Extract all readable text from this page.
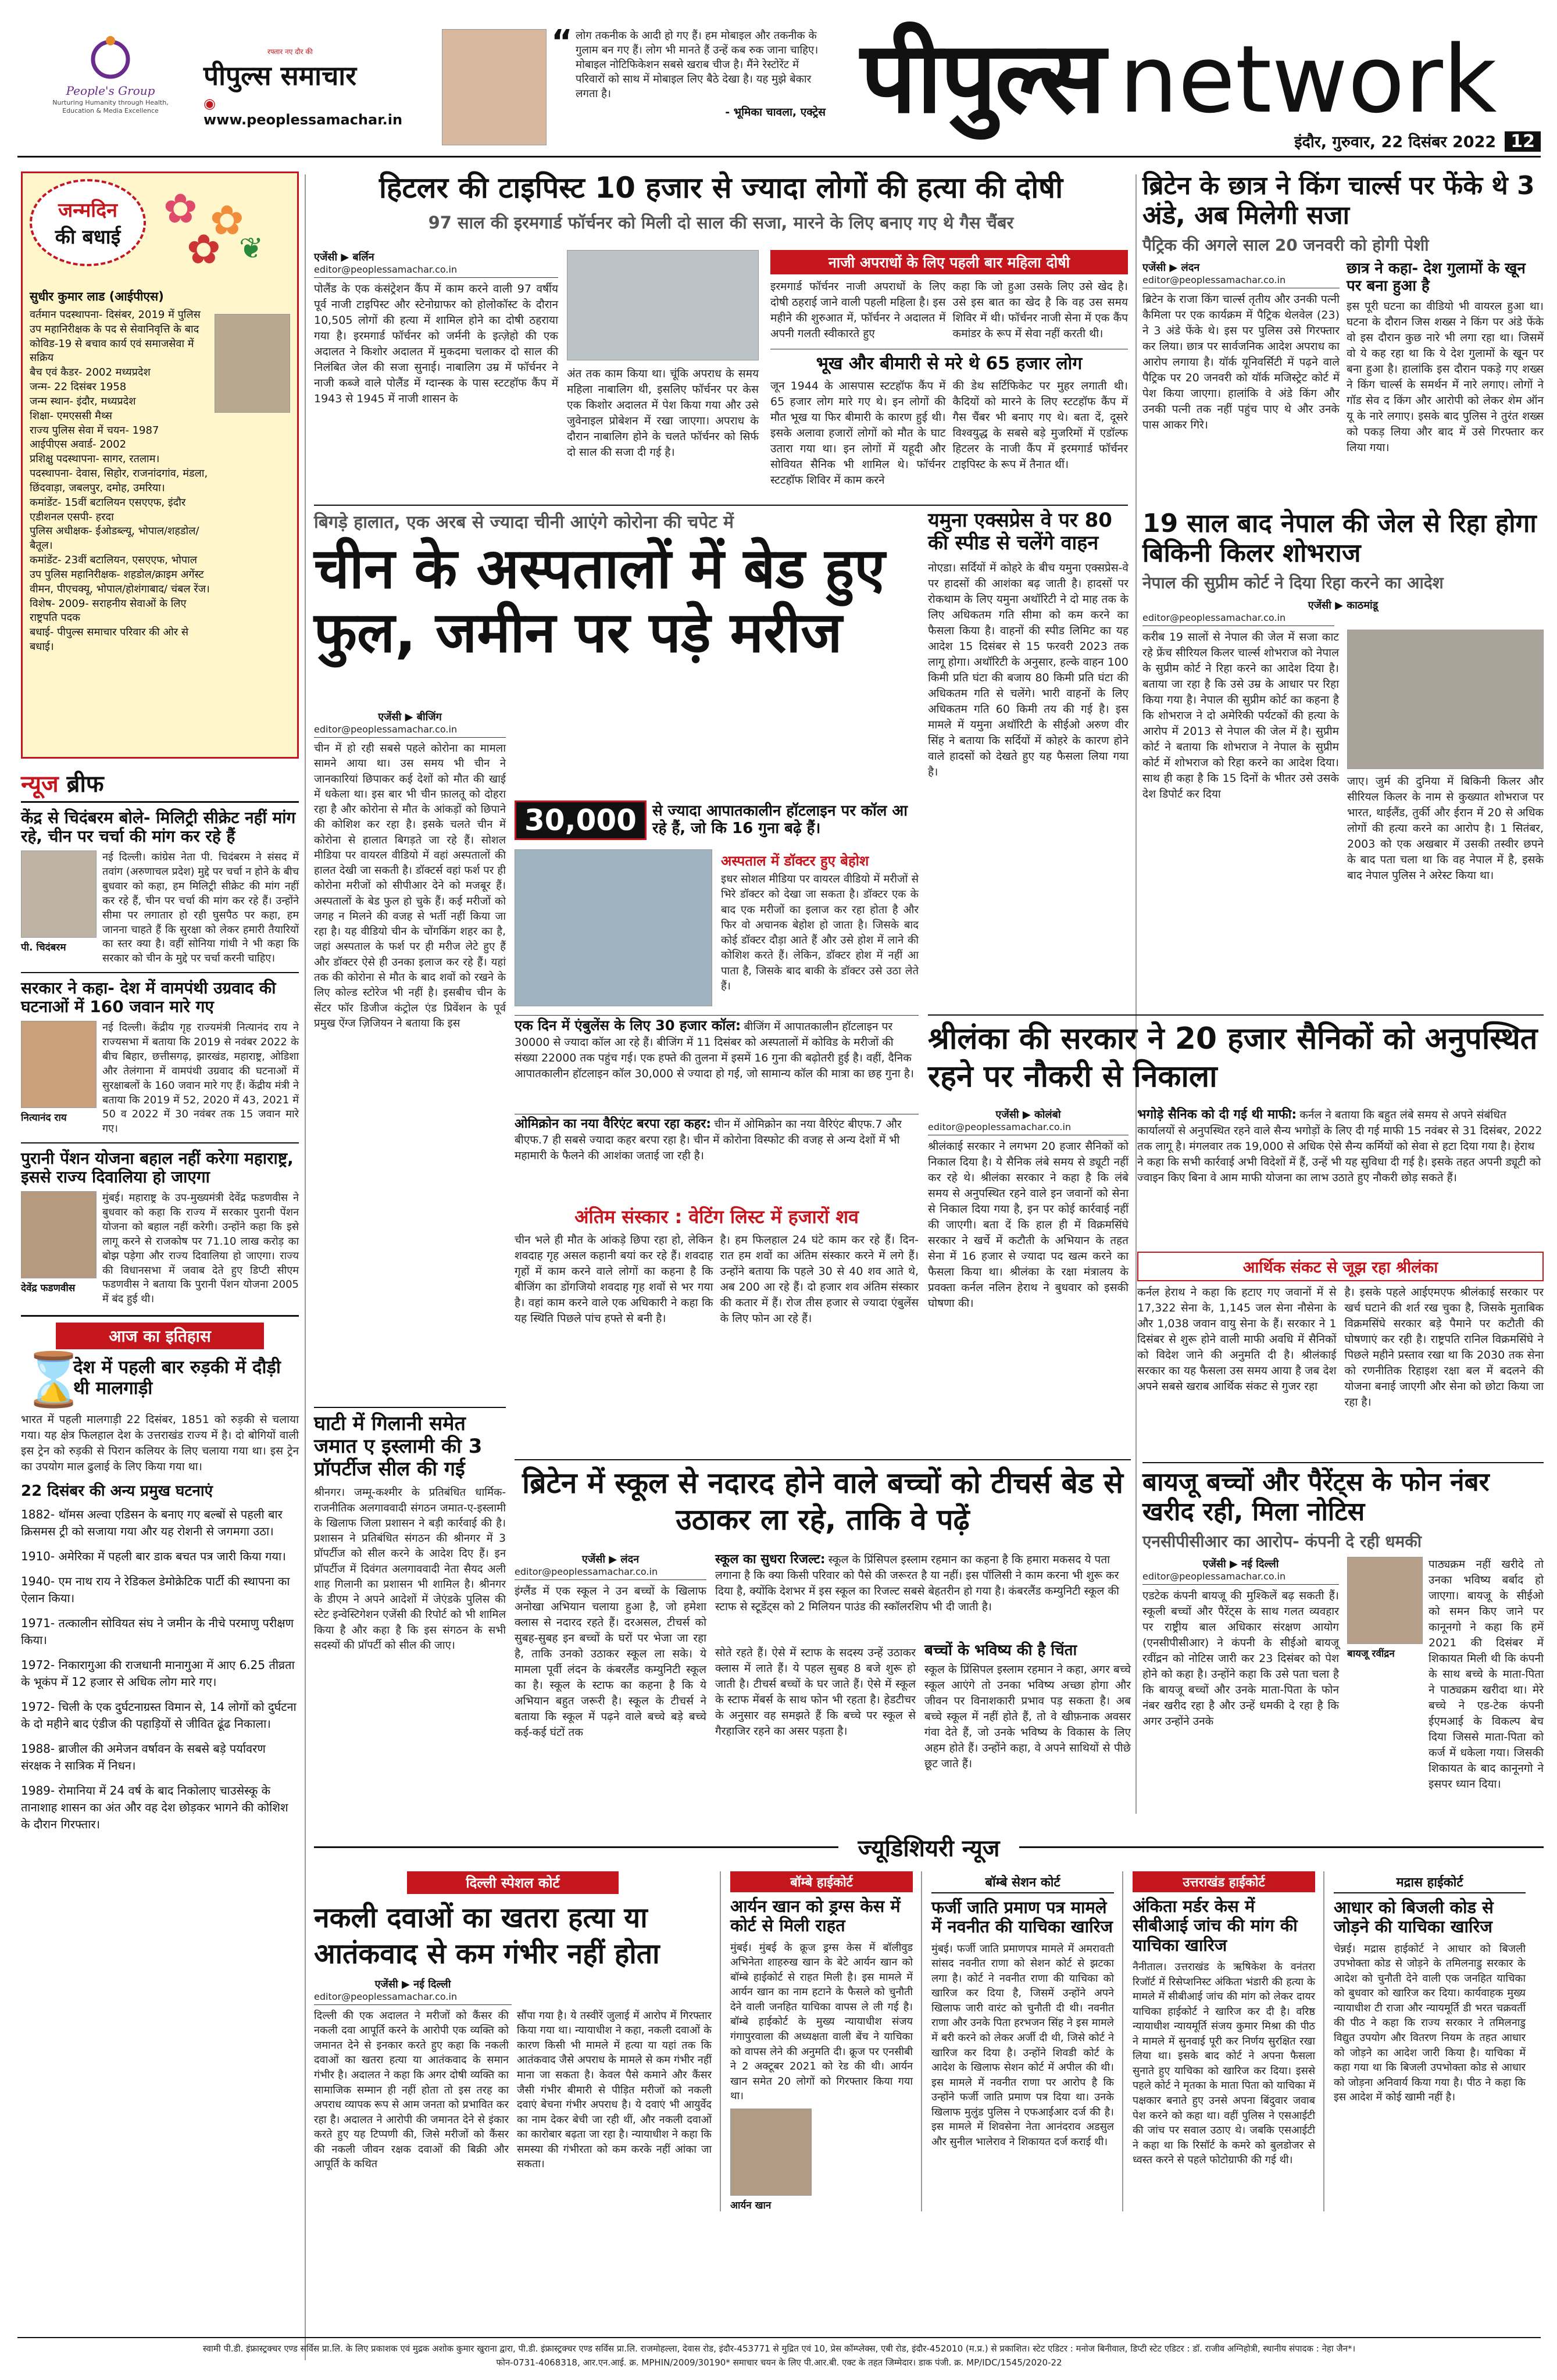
People's Group
Nurturing Humanity through Health, Education & Media Excellence
पीपुल्स समाचार
रफ्तार नए दौर की
◉ www.peoplessamachar.in
“ लोग तकनीक के आदी हो गए हैं। हम मोबाइल और तकनीक के गुलाम बन गए हैं। लोग भी मानते हैं उन्हें कब रुक जाना चाहिए। मोबाइल नोटिफिकेशन सबसे खराब चीज है। मैंने रेस्टोरेंट में परिवारों को साथ में मोबाइल लिए बैठे देखा है। यह मुझे बेकार लगता है।
- भूमिका चावला, एक्ट्रेस पीपुल्स network
इंदौर, गुरुवार, 22 दिसंबर 2022 12
जन्मदिन
की बधाई
✿ ✿
✿ ❦
सुधीर कुमार लाड (आईपीएस)
वर्तमान पदस्थापना- दिसंबर, 2019 में पुलिस उप महानिरीक्षक के पद से सेवानिवृत्ति के बाद कोविड-19 से बचाव कार्य एवं समाजसेवा में सक्रिय
बैच एवं कैडर- 2002 मध्यप्रदेश
जन्म- 22 दिसंबर 1958
जन्म स्थान- इंदौर, मध्यप्रदेश
शिक्षा- एमएससी मैथ्स
राज्य पुलिस सेवा में चयन- 1987
आईपीएस अवार्ड- 2002
प्रशिक्षु पदस्थापना- सागर, रतलाम।
पदस्थापना- देवास, सिहोर, राजनांदगांव, मंडला, छिंदवाड़ा, जबलपुर, दमोह, उमरिया।
कमांडेंट- 15वीं बटालियन एसएएफ, इंदौर
एडीशनल एसपी- हरदा
पुलिस अधीक्षक- ईओडब्ल्यू, भोपाल/शहडोल/बैतूल।
कमांडेंट- 23वीं बटालियन, एसएएफ, भोपाल
उप पुलिस महानिरीक्षक- शहडोल/क्राइम अगेंस्ट वीमन, पीएचक्यू, भोपाल/होशंगाबाद/ चंबल रेंज।
विशेष- 2009- सराहनीय सेवाओं के लिए राष्ट्रपति पदक
बधाई- पीपुल्स समाचार परिवार की ओर से बधाई।
न्यूज ब्रीफ
केंद्र से चिदंबरम बोले- मिलिट्री सीक्रेट नहीं मांग रहे, चीन पर चर्चा की मांग कर रहे हैं
पी. चिदंबरम
नई दिल्ली। कांग्रेस नेता पी. चिदंबरम ने संसद में तवांग (अरुणाचल प्रदेश) मुद्दे पर चर्चा न होने के बीच बुधवार को कहा, हम मिलिट्री सीक्रेट की मांग नहीं कर रहे हैं, चीन पर चर्चा की मांग कर रहे हैं। उन्होंने सीमा पर लगातार हो रही घुसपैठ पर कहा, हम जानना चाहते हैं कि सुरक्षा को लेकर हमारी तैयारियों का स्तर क्या है। वहीं सोनिया गांधी ने भी कहा कि सरकार को चीन के मुद्दे पर चर्चा करनी चाहिए।
सरकार ने कहा- देश में वामपंथी उग्रवाद की घटनाओं में 160 जवान मारे गए
नित्यानंद राय
नई दिल्ली। केंद्रीय गृह राज्यमंत्री नित्यानंद राय ने राज्यसभा में बताया कि 2019 से नवंबर 2022 के बीच बिहार, छत्तीसगढ़, झारखंड, महाराष्ट्र, ओडिशा और तेलंगाना में वामपंथी उग्रवाद की घटनाओं में सुरक्षाबलों के 160 जवान मारे गए हैं। केंद्रीय मंत्री ने बताया कि 2019 में 52, 2020 में 43, 2021 में 50 व 2022 में 30 नवंबर तक 15 जवान मारे गए।
पुरानी पेंशन योजना बहाल नहीं करेगा महाराष्ट्र, इससे राज्य दिवालिया हो जाएगा
देवेंद्र फडणवीस
मुंबई। महाराष्ट्र के उप-मुख्यमंत्री देवेंद्र फडणवीस ने बुधवार को कहा कि राज्य में सरकार पुरानी पेंशन योजना को बहाल नहीं करेगी। उन्होंने कहा कि इसे लागू करने से राजकोष पर 71.10 लाख करोड़ का बोझ पड़ेगा और राज्य दिवालिया हो जाएगा। राज्य की विधानसभा में जवाब देते हुए डिप्टी सीएम फडणवीस ने बताया कि पुरानी पेंशन योजना 2005 में बंद हुई थी।
आज का इतिहास
⌛
देश में पहली बार रुड़की में दौड़ी थी मालगाड़ी
भारत में पहली मालगाड़ी 22 दिसंबर, 1851 को रुड़की से चलाया गया। यह क्षेत्र फिलहाल देश के उत्तराखंड राज्य में है। दो बोगियों वाली इस ट्रेन को रुड़की से पिरान कलियर के लिए चलाया गया था। इस ट्रेन का उपयोग माल ढुलाई के लिए किया गया था।
22 दिसंबर की अन्य प्रमुख घटनाएं
1882- थॉमस अल्वा एडिसन के बनाए गए बल्बों से पहली बार क्रिसमस ट्री को सजाया गया और यह रोशनी से जगमगा उठा।
1910- अमेरिका में पहली बार डाक बचत पत्र जारी किया गया।
1940- एम नाथ राय ने रेडिकल डेमोक्रेटिक पार्टी की स्थापना का ऐलान किया।
1971- तत्कालीन सोवियत संघ ने जमीन के नीचे परमाणु परीक्षण किया।
1972- निकारागुआ की राजधानी मानागुआ में आए 6.25 तीव्रता के भूकंप में 12 हजार से अधिक लोग मारे गए।
1972- चिली के एक दुर्घटनाग्रस्त विमान से, 14 लोगों को दुर्घटना के दो महीने बाद एंडीज की पहाड़ियों से जीवित ढूंढ निकाला।
1988- ब्राजील की अमेजन वर्षावन के सबसे बड़े पर्यावरण संरक्षक ने सात्रिक में निधन।
1989- रोमानिया में 24 वर्ष के बाद निकोलाए चाउसेस्कू के तानाशाह शासन का अंत और वह देश छोड़कर भागने की कोशिश के दौरान गिरफ्तार।
हिटलर की टाइपिस्ट 10 हजार से ज्यादा लोगों की हत्या की दोषी
97 साल की इरमगार्ड फॉर्चनर को मिली दो साल की सजा, मारने के लिए बनाए गए थे गैस चैंबर
एजेंसी ▶ बर्लिन
editor@peoplessamachar.co.in
पोलैंड के एक कंसंट्रेशन कैंप में काम करने वाली 97 वर्षीय पूर्व नाजी टाइपिस्ट और स्टेनोग्राफर को होलोकॉस्ट के दौरान 10,505 लोगों की हत्या में शामिल होने का दोषी ठहराया गया है। इरमगार्ड फॉर्चनर को जर्मनी के इत्ज़ेहो की एक अदालत ने किशोर अदालत में मुकदमा चलाकर दो साल की निलंबित जेल की सजा सुनाई। नाबालिग उम्र में फॉर्चनर ने नाजी कब्जे वाले पोलैंड में ग्दान्स्क के पास स्टटहॉफ कैंप में 1943 से 1945 में नाजी शासन के
अंत तक काम किया था। चूंकि अपराध के समय महिला नाबालिग थी, इसलिए फॉर्चनर पर केस एक किशोर अदालत में पेश किया गया और उसे जुवेनाइल प्रोबेशन में रखा जाएगा। अपराध के दौरान नाबालिग होने के चलते फॉर्चनर को सिर्फ दो साल की सजा दी गई है।
नाजी अपराधों के लिए पहली बार महिला दोषी
इरमगार्ड फॉर्चनर नाजी अपराधों के लिए दोषी ठहराई जाने वाली पहली महिला है। इस महीने की शुरुआत में, फॉर्चनर ने अदालत में अपनी गलती स्वीकारते हुए
कहा कि जो हुआ उसके लिए उसे खेद है। उसे इस बात का खेद है कि वह उस समय शिविर में थी। फॉर्चनर नाजी सेना में एक कैंप कमांडर के रूप में सेवा नहीं करती थी।
भूख और बीमारी से मरे थे 65 हजार लोग
जून 1944 के आसपास स्टटहॉफ कैंप में 65 हजार लोग मारे गए थे। इन लोगों की मौत भूख या फिर बीमारी के कारण हुई थी। इसके अलावा हजारों लोगों को मौत के घाट उतारा गया था। इन लोगों में यहूदी और सोवियत सैनिक भी शामिल थे। फॉर्चनर स्टटहॉफ शिविर में काम करने
की डेथ सर्टिफिकेट पर मुहर लगाती थी। कैदियों को मारने के लिए स्टटहॉफ कैंप में गैस चैंबर भी बनाए गए थे। बता दें, दूसरे विश्वयुद्ध के सबसे बड़े मुजरिमों में एडॉल्फ हिटलर के नाजी कैंप में इरमगार्ड फॉर्चनर टाइपिस्ट के रूप में तैनात थीं।
ब्रिटेन के छात्र ने किंग चार्ल्स पर फेंके थे 3 अंडे, अब मिलेगी सजा
पैट्रिक की अगले साल 20 जनवरी को होगी पेशी
एजेंसी ▶ लंदन
editor@peoplessamachar.co.in
ब्रिटेन के राजा किंग चार्ल्स तृतीय और उनकी पत्नी कैमिला पर एक कार्यक्रम में पैट्रिक थेलवेल (23) ने 3 अंडे फेंके थे। इस पर पुलिस उसे गिरफ्तार कर लिया। छात्र पर सार्वजनिक आदेश अपराध का आरोप लगाया है। यॉर्क यूनिवर्सिटी में पढ़ने वाले पैट्रिक पर 20 जनवरी को यॉर्क मजिस्ट्रेट कोर्ट में पेश किया जाएगा। हालांकि वे अंडे किंग और उनकी पत्नी तक नहीं पहुंच पाए थे और उनके पास आकर गिरे।
छात्र ने कहा- देश गुलामों के खून पर बना हुआ है
इस पूरी घटना का वीडियो भी वायरल हुआ था। घटना के दौरान जिस शख्स ने किंग पर अंडे फेंके वो इस दौरान कुछ नारे भी लगा रहा था। जिसमें वो ये कह रहा था कि ये देश गुलामों के खून पर बना हुआ है। हालांकि इस दौरान पकड़े गए शख्स ने किंग चार्ल्स के समर्थन में नारे लगाए। लोगों ने गॉड सेव द किंग और आरोपी को लेकर शेम ऑन यू के नारे लगाए। इसके बाद पुलिस ने तुरंत शख्स को पकड़ लिया और बाद में उसे गिरफ्तार कर लिया गया।
बिगड़े हालात, एक अरब से ज्यादा चीनी आएंगे कोरोना की चपेट में
चीन के अस्पतालों में बेड हुए फुल, जमीन पर पड़े मरीज
एजेंसी ▶ बीजिंग
editor@peoplessamachar.co.in
चीन में हो रही सबसे पहले कोरोना का मामला सामने आया था। उस समय भी चीन ने जानकारियां छिपाकर कई देशों को मौत की खाई में धकेला था। इस बार भी चीन फ़ालतू को दोहरा रहा है और कोरोना से मौत के आंकड़ों को छिपाने की कोशिश कर रहा है। इसके चलते चीन में कोरोना से हालात बिगड़ते जा रहे हैं। सोशल मीडिया पर वायरल वीडियो में वहां अस्पतालों की हालत देखी जा सकती है। डॉक्टर्स वहां फर्श पर ही कोरोना मरीजों को सीपीआर देने को मजबूर हैं। अस्पतालों के बेड फुल हो चुके हैं। कई मरीजों को जगह न मिलने की वजह से भर्ती नहीं किया जा रहा है। यह वीडियो चीन के चोंगकिंग शहर का है, जहां अस्पताल के फर्श पर ही मरीज लेटे हुए हैं और डॉक्टर ऐसे ही उनका इलाज कर रहे हैं। यहां तक की कोरोना से मौत के बाद शवों को रखने के लिए कोल्ड स्टोरेज भी नहीं है। इसबीच चीन के सेंटर फॉर डिजीज कंट्रोल एंड प्रिवेंशन के पूर्व प्रमुख ऐंग्ज ज़िजियन ने बताया कि इस
30,000	से ज्यादा आपातकालीन हॉटलाइन पर कॉल आ रहे हैं, जो कि 16 गुना बढ़े हैं।
अस्पताल में डॉक्टर हुए बेहोश
इधर सोशल मीडिया पर वायरल वीडियो में मरीजों से भिरे डॉक्टर को देखा जा सकता है। डॉक्टर एक के बाद एक मरीजों का इलाज कर रहा होता है और फिर वो अचानक बेहोश हो जाता है। जिसके बाद कोई डॉक्टर दौड़ा आते हैं और उसे होश में लाने की कोशिश करते हैं। लेकिन, डॉक्टर होश में नहीं आ पाता है, जिसके बाद बाकी के डॉक्टर उसे उठा लेते हैं।
एक दिन में एंबुलेंस के लिए 30 हजार कॉल: बीजिंग में आपातकालीन हॉटलाइन पर 30000 से ज्यादा कॉल आ रहे हैं। बीजिंग में 11 दिसंबर को अस्पतालों में कोविड के मरीजों की संख्या 22000 तक पहुंच गई। एक हफ्ते की तुलना में इसमें 16 गुना की बढ़ोतरी हुई है। वहीं, दैनिक आपातकालीन हॉटलाइन कॉल 30,000 से ज्यादा हो गई, जो सामान्य कॉल की मात्रा का छह गुना है।
ओमिक्रोन का नया वैरिएंट बरपा रहा कहर: चीन में ओमिक्रोन का नया वैरिएंट बीएफ.7 और बीएफ.7 ही सबसे ज्यादा कहर बरपा रहा है। चीन में कोरोना विस्फोट की वजह से अन्य देशों में भी महामारी के फैलने की आशंका जताई जा रही है।
अंतिम संस्कार : वेटिंग लिस्ट में हजारों शव
चीन भले ही मौत के आंकड़े छिपा रहा हो, लेकिन शवदाह गृह असल कहानी बयां कर रहे हैं। शवदाह गृहों में काम करने वाले लोगों का कहना है कि बीजिंग का डोंगजियो शवदाह गृह शवों से भर गया है। वहां काम करने वाले एक अधिकारी ने कहा कि यह स्थिति पिछले पांच हफ्ते से बनी है।
है। हम फिलहाल 24 घंटे काम कर रहे हैं। दिन-रात हम शवों का अंतिम संस्कार करने में लगे हैं। उन्होंने बताया कि पहले 30 से 40 शव आते थे, अब 200 आ रहे हैं। दो हजार शव अंतिम संस्कार की कतार में हैं। रोज तीस हजार से ज्यादा एंबुलेंस के लिए फोन आ रहे हैं।
घाटी में गिलानी समेत जमात ए इस्लामी की 3 प्रॉपर्टीज सील की गई
श्रीनगर। जम्मू-कश्मीर के प्रतिबंधित धार्मिक-राजनीतिक अलगाववादी संगठन जमात-ए-इस्लामी के खिलाफ जिला प्रशासन ने बड़ी कार्रवाई की है। प्रशासन ने प्रतिबंधित संगठन की श्रीनगर में 3 प्रॉपर्टीज को सील करने के आदेश दिए हैं। इन प्रॉपर्टीज में दिवंगत अलगाववादी नेता सैयद अली शाह गिलानी का प्रशासन भी शामिल है। श्रीनगर के डीएम ने अपने आदेशों में जेएंडके पुलिस की स्टेट इन्वेस्टिगेशन एजेंसी की रिपोर्ट को भी शामिल किया है और कहा है कि इस संगठन के सभी सदस्यों की प्रॉपर्टी को सील की जाए।
यमुना एक्सप्रेस वे पर 80 की स्पीड से चलेंगे वाहन
नोएडा। सर्दियों में कोहरे के बीच यमुना एक्सप्रेस-वे पर हादसों की आशंका बढ़ जाती है। हादसों पर रोकथाम के लिए यमुना अथॉरिटी ने दो माह तक के लिए अधिकतम गति सीमा को कम करने का फैसला किया है। वाहनों की स्पीड लिमिट का यह आदेश 15 दिसंबर से 15 फरवरी 2023 तक लागू होगा। अथॉरिटी के अनुसार, हल्के वाहन 100 किमी प्रति घंटा की बजाय 80 किमी प्रति घंटा की अधिकतम गति से चलेंगे। भारी वाहनों के लिए अधिकतम गति 60 किमी तय की गई है। इस मामले में यमुना अथॉरिटी के सीईओ अरुण वीर सिंह ने बताया कि सर्दियों में कोहरे के कारण होने वाले हादसों को देखते हुए यह फैसला लिया गया है।
19 साल बाद नेपाल की जेल से रिहा होगा बिकिनी किलर शोभराज
नेपाल की सुप्रीम कोर्ट ने दिया रिहा करने का आदेश
एजेंसी ▶ काठमांडू
editor@peoplessamachar.co.in
करीब 19 सालों से नेपाल की जेल में सजा काट रहे फ्रेंच सीरियल किलर चार्ल्स शोभराज को नेपाल के सुप्रीम कोर्ट ने रिहा करने का आदेश दिया है। बताया जा रहा है कि उसे उम्र के आधार पर रिहा किया गया है। नेपाल की सुप्रीम कोर्ट का कहना है कि शोभराज ने दो अमेरिकी पर्यटकों की हत्या के आरोप में 2013 से नेपाल की जेल में है। सुप्रीम कोर्ट ने बताया कि शोभराज ने नेपाल के सुप्रीम कोर्ट में शोभराज को रिहा करने का आदेश दिया। साथ ही कहा है कि 15 दिनों के भीतर उसे उसके देश डिपोर्ट कर दिया
जाए। जुर्म की दुनिया में बिकिनी किलर और सीरियल किलर के नाम से कुख्यात शोभराज पर भारत, थाईलैंड, तुर्की और ईरान में 20 से अधिक लोगों की हत्या करने का आरोप है। 1 सितंबर, 2003 को एक अखबार में उसकी तस्वीर छपने के बाद पता चला था कि वह नेपाल में है, इसके बाद नेपाल पुलिस ने अरेस्ट किया था।
श्रीलंका की सरकार ने 20 हजार सैनिकों को अनुपस्थित रहने पर नौकरी से निकाला
एजेंसी ▶ कोलंबो
editor@peoplessamachar.co.in
श्रीलंकाई सरकार ने लगभग 20 हजार सैनिकों को निकाल दिया है। ये सैनिक लंबे समय से ड्यूटी नहीं कर रहे थे। श्रीलंका सरकार ने कहा है कि लंबे समय से अनुपस्थित रहने वाले इन जवानों को सेना से निकाल दिया गया है, इन पर कोई कार्रवाई नहीं की जाएगी। बता दें कि हाल ही में विक्रमसिंघे सरकार ने खर्चे में कटौती के अभियान के तहत सेना में 16 हजार से ज्यादा पद खत्म करने का फैसला किया था। श्रीलंका के रक्षा मंत्रालय के प्रवक्ता कर्नल नलिन हेराथ ने बुधवार को इसकी घोषणा की।
भगोड़े सैनिक को दी गई थी माफी: कर्नल ने बताया कि बहुत लंबे समय से अपने संबंधित कार्यालयों से अनुपस्थित रहने वाले सैन्य भगोड़ों के लिए दी गई माफी 15 नवंबर से 31 दिसंबर, 2022 तक लागू है। मंगलवार तक 19,000 से अधिक ऐसे सैन्य कर्मियों को सेवा से हटा दिया गया है। हेराथ ने कहा कि सभी कार्रवाई अभी विदेशों में हैं, उन्हें भी यह सुविधा दी गई है। इसके तहत अपनी ड्यूटी को ज्वाइन किए बिना वे आम माफी योजना का लाभ उठाते हुए नौकरी छोड़ सकते हैं।
आर्थिक संकट से जूझ रहा श्रीलंका
कर्नल हेराथ ने कहा कि हटाए गए जवानों में से 17,322 सेना के, 1,145 जल सेना नौसेना के और 1,038 जवान वायु सेना के हैं। सरकार ने 1 दिसंबर से शुरू होने वाली माफी अवधि में सैनिकों को विदेश जाने की अनुमति दी है। श्रीलंकाई सरकार का यह फैसला उस समय आया है जब देश अपने सबसे खराब आर्थिक संकट से गुजर रहा
है। इसके पहले आईएमएफ श्रीलंकाई सरकार पर खर्च घटाने की शर्त रख चुका है, जिसके मुताबिक विक्रमसिंघे सरकार बड़े पैमाने पर कटौती की घोषणाएं कर रही है। राष्ट्रपति रानिल विक्रमसिंघे ने पिछले महीने प्रस्ताव रखा था कि 2030 तक सेना को रणनीतिक रिहाइश रक्षा बल में बदलने की योजना बनाई जाएगी और सेना को छोटा किया जा रहा है।
ब्रिटेन में स्कूल से नदारद होने वाले बच्चों को टीचर्स बेड से उठाकर ला रहे, ताकि वे पढ़ें
एजेंसी ▶ लंदन
editor@peoplessamachar.co.in
इंग्लैंड में एक स्कूल ने उन बच्चों के खिलाफ अनोखा अभियान चलाया हुआ है, जो हमेशा क्लास से नदारद रहते हैं। दरअसल, टीचर्स को सुबह-सुबह इन बच्चों के घरों पर भेजा जा रहा है, ताकि उनको उठाकर स्कूल ला सके। ये मामला पूर्वी लंदन के कंबरलैंड कम्युनिटी स्कूल का है। स्कूल के स्टाफ का कहना है कि ये अभियान बहुत जरूरी है। स्कूल के टीचर्स ने बताया कि स्कूल में पढ़ने वाले बच्चे बड़े बच्चे कई-कई घंटों तक
स्कूल का सुधरा रिजल्ट: स्कूल के प्रिंसिपल इस्लाम रहमान का कहना है कि हमारा मकसद ये पता लगाना है कि क्या किसी परिवार को पैसे की जरूरत है या नहीं। इस पॉलिसी ने काम करना भी शुरू कर दिया है, क्योंकि देशभर में इस स्कूल का रिजल्ट सबसे बेहतरीन हो गया है। कंबरलैंड कम्युनिटी स्कूल की स्टाफ से स्टूडेंट्स को 2 मिलियन पाउंड की स्कॉलरशिप भी दी जाती है।
सोते रहते हैं। ऐसे में स्टाफ के सदस्य उन्हें उठाकर क्लास में लाते हैं। ये पहल सुबह 8 बजे शुरू हो जाती है। टीचर्स बच्चों के घर जाते हैं। ऐसे में स्कूल के स्टाफ मेंबर्स के साथ फोन भी रहता है। हेडटीचर के अनुसार वह समझते हैं कि बच्चे पर स्कूल से गैरहाजिर रहने का असर पड़ता है।
बच्चों के भविष्य की है चिंता
स्कूल के प्रिंसिपल इस्लाम रहमान ने कहा, अगर बच्चे स्कूल आएंगे तो उनका भविष्य अच्छा होगा और जीवन पर विनाशकारी प्रभाव पड़ सकता है। अब बच्चे स्कूल में नहीं होते हैं, तो वे खीफ़नाक अवसर गंवा देते हैं, जो उनके भविष्य के विकास के लिए अहम होते हैं। उन्होंने कहा, वे अपने साथियों से पीछे छूट जाते हैं।
बायजू बच्चों और पैरेंट्स के फोन नंबर खरीद रही, मिला नोटिस
एनसीपीसीआर का आरोप- कंपनी दे रही धमकी
एजेंसी ▶ नई दिल्ली
editor@peoplessamachar.co.in
एडटेक कंपनी बायजू की मुश्किलें बढ़ सकती हैं। स्कूली बच्चों और पैरेंट्स के साथ गलत व्यवहार पर राष्ट्रीय बाल अधिकार संरक्षण आयोग (एनसीपीसीआर) ने कंपनी के सीईओ बायजू रवींद्रन को नोटिस जारी कर 23 दिसंबर को पेश होने को कहा है। उन्होंने कहा कि उसे पता चला है कि बायजू बच्चों और उनके माता-पिता के फोन नंबर खरीद रहा है और उन्हें धमकी दे रहा है कि अगर उन्होंने उनके
बायजू रवींद्रन
पाठ्यक्रम नहीं खरीदे तो उनका भविष्य बर्बाद हो जाएगा। बायजू के सीईओ को समन किए जाने पर कानूनगो ने कहा कि हमें 2021 की दिसंबर में शिकायत मिली थी कि कंपनी के साथ बच्चे के माता-पिता ने पाठ्यक्रम खरीदा था। मेरे बच्चे ने एड-टेक कंपनी ईएमआई के विकल्प बेच दिया जिससे माता-पिता को कर्ज में धकेला गया। जिसकी शिकायत के बाद कानूनगो ने इसपर ध्यान दिया।
ज्यूडिशियरी न्यूज
दिल्ली स्पेशल कोर्ट
नकली दवाओं का खतरा हत्या या आतंकवाद से कम गंभीर नहीं होता
एजेंसी ▶ नई दिल्ली
editor@peoplessamachar.co.in
दिल्ली की एक अदालत ने मरीजों को कैंसर की नकली दवा आपूर्ति करने के आरोपी एक व्यक्ति को जमानत देने से इनकार करते हुए कहा कि नकली दवाओं का खतरा हत्या या आतंकवाद के समान गंभीर है। अदालत ने कहा कि अगर दोषी व्यक्ति का सामाजिक सम्मान ही नहीं होता तो इस तरह का अपराध व्यापक रूप से आम जनता को प्रभावित कर रहा है। अदालत ने आरोपी की जमानत देने से इंकार करते हुए यह टिप्पणी की, जिसे मरीजों को कैंसर की नकली जीवन रक्षक दवाओं की बिक्री और आपूर्ति के कथित
सौंपा गया है। ये तस्वीरें जुलाई में आरोप में गिरफ्तार किया गया था। न्यायाधीश ने कहा, नकली दवाओं के कारण किसी भी मामले में हत्या या यहां तक कि आतंकवाद जैसे अपराध के मामले से कम गंभीर नहीं माना जा सकता है। केवल पैसे कमाने और कैंसर जैसी गंभीर बीमारी से पीड़ित मरीजों को नकली दवाएं बेचना गंभीर अपराध है। ये दवाएं भी आयुर्वेद का नाम देकर बेची जा रही थीं, और नकली दवाओं का कारोबार बढ़ता जा रहा है। न्यायाधीश ने कहा कि समस्या की गंभीरता को कम करके नहीं आंका जा सकता।
बॉम्बे हाईकोर्ट
आर्यन खान को ड्रग्स केस में कोर्ट से मिली राहत
मुंबई। मुंबई के क्रूज ड्रग्स केस में बॉलीवुड अभिनेता शाहरुख खान के बेटे आर्यन खान को बॉम्बे हाईकोर्ट से राहत मिली है। इस मामले में आर्यन खान का नाम हटाने के फैसले को चुनौती देने वाली जनहित याचिका वापस ले ली गई है। बॉम्बे हाईकोर्ट के मुख्य न्यायाधीश संजय गंगापुरवाला की अध्यक्षता वाली बेंच ने याचिका को वापस लेने की अनुमति दी। क्रूज पर एनसीबी ने 2 अक्टूबर 2021 को रेड की थी। आर्यन खान समेत 20 लोगों को गिरफ्तार किया गया था।
आर्यन खान
बॉम्बे सेशन कोर्ट
फर्जी जाति प्रमाण पत्र मामले में नवनीत की याचिका खारिज
मुंबई। फर्जी जाति प्रमाणपत्र मामले में अमरावती सांसद नवनीत राणा को सेशन कोर्ट से झटका लगा है। कोर्ट ने नवनीत राणा की याचिका को खारिज कर दिया है, जिसमें उन्होंने अपने खिलाफ जारी वारंट को चुनौती दी थी। नवनीत राणा और उनके पिता हरभजन सिंह ने इस मामले में बरी करने को लेकर अर्जी दी थी, जिसे कोर्ट ने खारिज कर दिया है। उन्होंने शिवडी कोर्ट के आदेश के खिलाफ सेशन कोर्ट में अपील की थी। इस मामले में नवनीत राणा पर आरोप है कि उन्होंने फर्जी जाति प्रमाण पत्र दिया था। उनके खिलाफ मुलुंड पुलिस ने एफआईआर दर्ज की है। इस मामले में शिवसेना नेता आनंदराव अडसुल और सुनील भालेराव ने शिकायत दर्ज कराई थी।
उत्तराखंड हाईकोर्ट
अंकिता मर्डर केस में सीबीआई जांच की मांग की याचिका खारिज
नैनीताल। उत्तराखंड के ऋषिकेश के वनंतरा रिजॉर्ट में रिसेप्शनिस्ट अंकिता भंडारी की हत्या के मामले में सीबीआई जांच की मांग को लेकर दायर याचिका हाईकोर्ट ने खारिज कर दी है। वरिष्ठ न्यायाधीश न्यायमूर्ति संजय कुमार मिश्रा की पीठ ने मामले में सुनवाई पूरी कर निर्णय सुरक्षित रखा लिया था। इसके बाद कोर्ट ने अपना फैसला सुनाते हुए याचिका को खारिज कर दिया। इससे पहले कोर्ट ने मृतका के माता पिता को याचिका में पक्षकार बनाते हुए उनसे अपना बिंदुवार जवाब पेश करने को कहा था। वहीं पुलिस ने एसआईटी की जांच पर सवाल उठाए थे। जबकि एसआईटी ने कहा था कि रिसॉर्ट के कमरे को बुलडोजर से ध्वस्त करने से पहले फोटोग्राफी की गई थी।
मद्रास हाईकोर्ट
आधार को बिजली कोड से जोड़ने की याचिका खारिज
चेन्नई। मद्रास हाईकोर्ट ने आधार को बिजली उपभोक्ता कोड से जोड़ने के तमिलनाडु सरकार के आदेश को चुनौती देने वाली एक जनहित याचिका को बुधवार को खारिज कर दिया। कार्यवाहक मुख्य न्यायाधीश टी राजा और न्यायमूर्ति डी भरत चक्रवर्ती की पीठ ने कहा कि राज्य सरकार ने तमिलनाडु विद्युत उपयोग और वितरण नियम के तहत आधार को जोड़ने का आदेश जारी किया है। याचिका में कहा गया था कि बिजली उपभोक्ता कोड से आधार को जोड़ना अनिवार्य किया गया है। पीठ ने कहा कि इस आदेश में कोई खामी नहीं है।
स्वामी पी.डी. इंफ्रास्ट्रक्चर एण्ड सर्विस प्रा.लि. के लिए प्रकाशक एवं मुद्रक अशोक कुमार खुराना द्वारा, पी.डी. इंफ्रास्ट्रक्चर एण्ड सर्विस प्रा.लि. राजमोहल्ला, देवास रोड, इंदौर-453771 से मुद्रित एवं 10, प्रेस कॉम्प्लेक्स, एबी रोड, इंदौर-452010 (म.प्र.) से प्रकाशित। स्टेट एडिटर : मनोज बिनीवाल, डिप्टी स्टेट एडिटर : डॉ. राजीव अग्निहोत्री, स्थानीय संपादक : नेहा जैन*।
फोन-0731-4068318, आर.एन.आई. क्र. MPHIN/2009/30190* समाचार चयन के लिए पी.आर.बी. एक्ट के तहत जिम्मेदार। डाक पंजी. क्र. MP/IDC/1545/2020-22
